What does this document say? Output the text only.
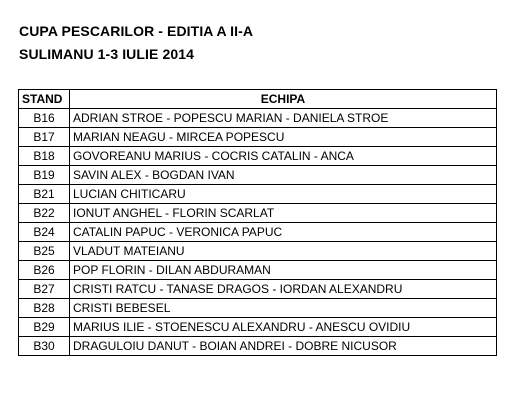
CUPA PESCARILOR - EDITIA A II-A
SULIMANU 1-3 IULIE 2014
STAND	ECHIPA
B16	ADRIAN STROE - POPESCU MARIAN - DANIELA STROE
B17	MARIAN NEAGU - MIRCEA POPESCU
B18	GOVOREANU MARIUS - COCRIS CATALIN - ANCA
B19	SAVIN ALEX - BOGDAN IVAN
B21	LUCIAN CHITICARU
B22	IONUT ANGHEL - FLORIN SCARLAT
B24	CATALIN PAPUC - VERONICA PAPUC
B25	VLADUT MATEIANU
B26	POP FLORIN - DILAN ABDURAMAN
B27	CRISTI RATCU - TANASE DRAGOS - IORDAN ALEXANDRU
B28	CRISTI BEBESEL
B29	MARIUS ILIE - STOENESCU ALEXANDRU - ANESCU OVIDIU
B30	DRAGULOIU DANUT - BOIAN ANDREI - DOBRE NICUSOR
